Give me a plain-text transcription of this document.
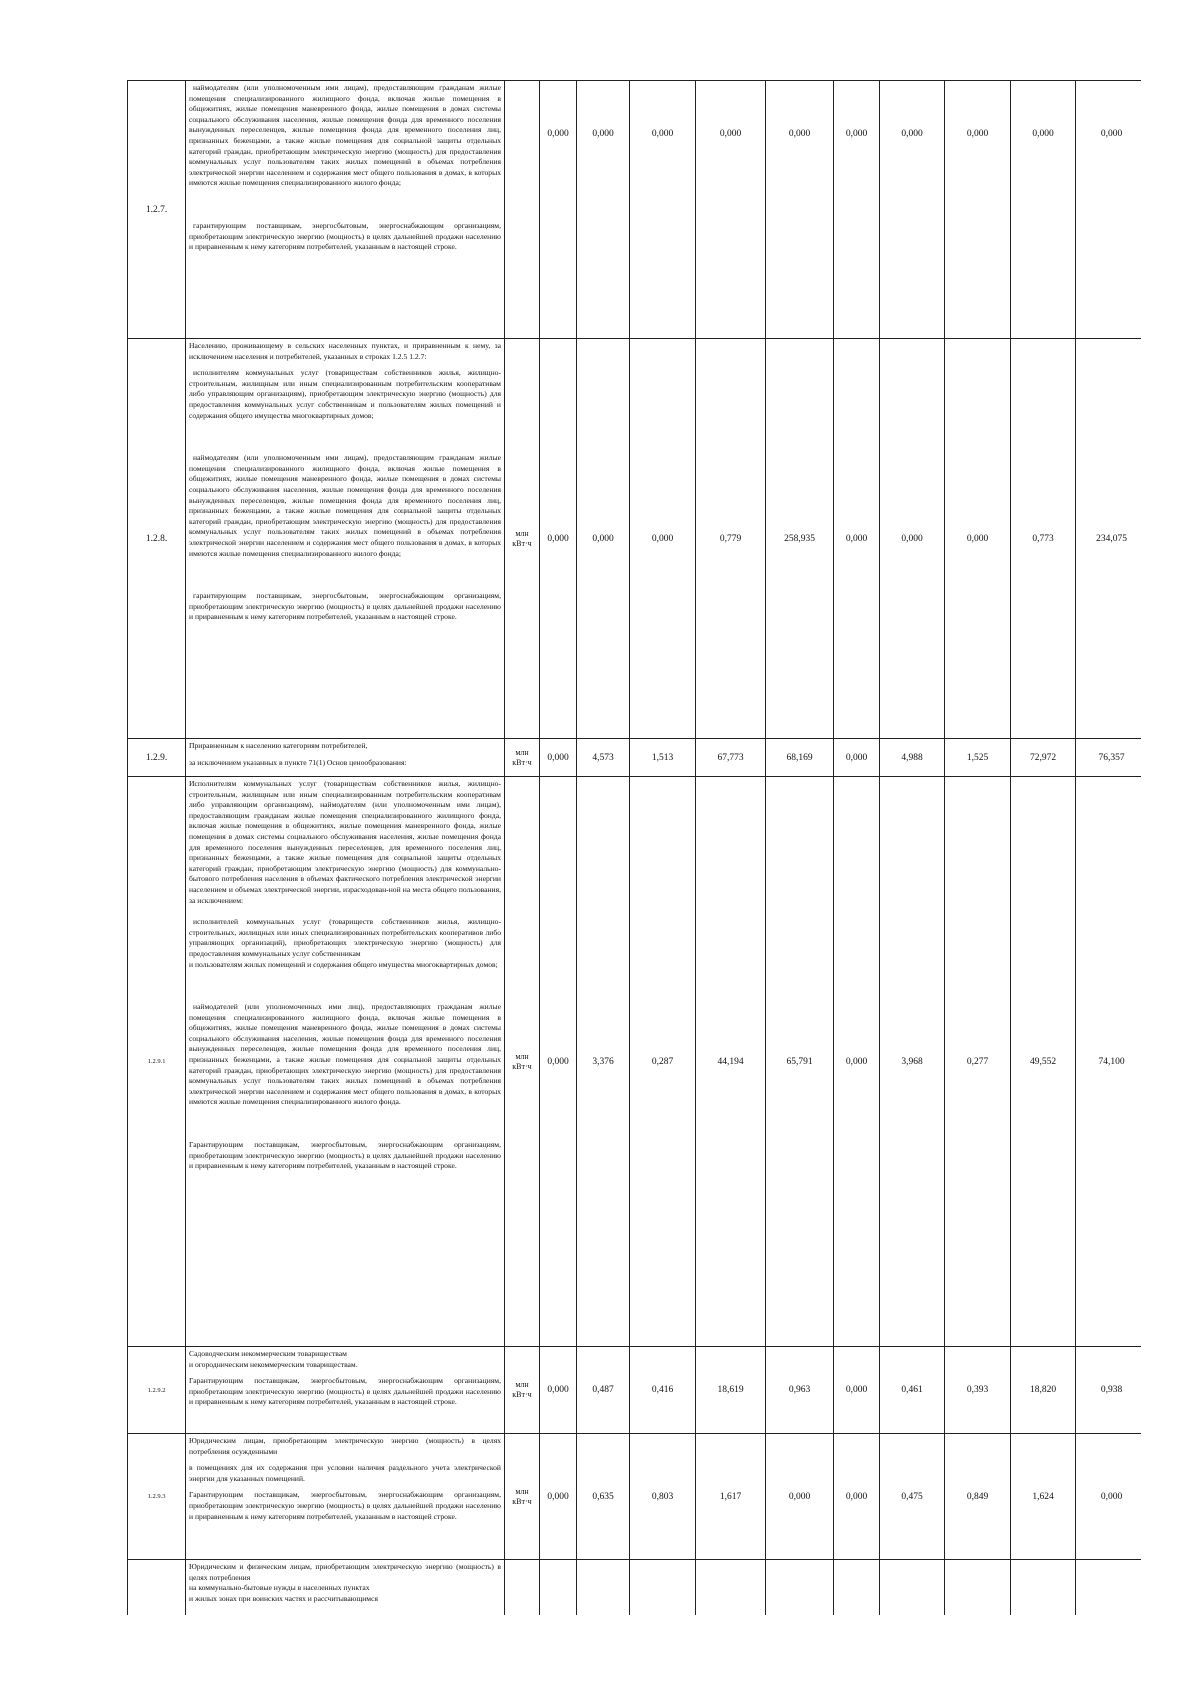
1.2.7.	наймодателям (или уполномоченным ими лицам), предоставляющим гражданам жилые помещения специализированного жилищного фонда, включая жилые помещения в общежитиях, жилые помещения маневренного фонда, жилые помещения в домах системы социального обслуживания населения, жилые помещения фонда для временного поселения вынужденных переселенцев, жилые помещения фонда для временного поселения лиц, признанных беженцами, а также жилые помещения для социальной защиты отдельных категорий граждан, приобретающим электрическую энергию (мощность) для предоставления коммунальных услуг пользователям таких жилых помещений в объемах потребления электрической энергии населением и содержания мест общего пользования в домах, в которых имеются жилые помещения специализированного жилого фонда;

гарантирующим поставщикам, энергосбытовым, энергоснабжающим организациям, приобретающим электрическую энергию (мощность) в целях дальнейшей продажи населению и приравненным к нему категориям потребителей, указанным в настоящей строке.		0,000	0,000	0,000	0,000	0,000	0,000	0,000	0,000	0,000	0,000
1.2.8.	Населению, проживающему в сельских населенных пунктах, и приравненным к нему, за исключением населения и потребителей, указанных в строках 1.2.5 1.2.7:

исполнителям коммунальных услуг (товариществам собственников жилья, жилищно-строительным, жилищным или иным специализированным потребительским кооперативам либо управляющим организациям), приобретающим электрическую энергию (мощность) для предоставления коммунальных услуг собственникам и пользователям жилых помещений и содержания общего имущества многоквартирных домов;

наймодателям (или уполномоченным ими лицам), предоставляющим гражданам жилые помещения специализированного жилищного фонда, включая жилые помещения в общежитиях, жилые помещения маневренного фонда, жилые помещения в домах системы социального обслуживания населения, жилые помещения фонда для временного поселения вынужденных переселенцев, жилые помещения фонда для временного поселения лиц, признанных беженцами, а также жилые помещения для социальной защиты отдельных категорий граждан, приобретающим электрическую энергию (мощность) для предоставления коммунальных услуг пользователям таких жилых помещений в объемах потребления электрической энергии населением и содержания мест общего пользования в домах, в которых имеются жилые помещения специализированного жилого фонда;

гарантирующим поставщикам, энергосбытовым, энергоснабжающим организациям, приобретающим электрическую энергию (мощность) в целях дальнейшей продажи населению и приравненным к нему категориям потребителей, указанным в настоящей строке.	млн кВт·ч	0,000	0,000	0,000	0,779	258,935	0,000	0,000	0,000	0,773	234,075
1.2.9.	Приравненным к населению категориям потребителей,

за исключением указанных в пункте 71(1) Основ ценообразования:	млн кВт·ч	0,000	4,573	1,513	67,773	68,169	0,000	4,988	1,525	72,972	76,357
1.2.9.1	Исполнителям коммунальных услуг (товариществам собственников жилья, жилищно-строительным, жилищным или иным специализированным потребительским кооперативам либо управляющим организациям), наймодателям (или уполномоченным ими лицам), предоставляющим гражданам жилые помещения специализированного жилищного фонда, включая жилые помещения в общежитиях, жилые помещения маневренного фонда, жилые помещения в домах системы социального обслуживания населения, жилые помещения фонда для временного поселения вынужденных переселенцев, для временного поселения лиц, признанных беженцами, а также жилые помещения для социальной защиты отдельных категорий граждан, приобретающим электрическую энергию (мощность) для коммунально-бытового потребления населения в объемах фактического потребления электрической энергии населением и объемах электрической энергии, израсходован-ной на места общего пользования, за исключением:

исполнителей коммунальных услуг (товариществ собственников жилья, жилищно-строительных, жилищных или иных специализированных потребительских кооперативов либо управляющих организаций), приобретающих электрическую энергию (мощность) для предоставления коммунальных услуг собственникам

и пользователям жилых помещений и содержания общего имущества многоквартирных домов;

наймодателей (или уполномоченных ими лиц), предоставляющих гражданам жилые помещения специализированного жилищного фонда, включая жилые помещения в общежитиях, жилые помещения маневренного фонда, жилые помещения в домах системы социального обслуживания населения, жилые помещения фонда для временного поселения вынужденных переселенцев, жилые помещения фонда для временного поселения лиц, признанных беженцами, а также жилые помещения для социальной защиты отдельных категорий граждан, приобретающих электрическую энергию (мощность) для предоставления коммунальных услуг пользователям таких жилых помещений в объемах потребления электрической энергии населением и содержания мест общего пользования в домах, в которых имеются жилые помещения специализированного жилого фонда.

Гарантирующим поставщикам, энергосбытовым, энергоснабжающим организациям, приобретающим электрическую энергию (мощность) в целях дальнейшей продажи населению и приравненным к нему категориям потребителей, указанным в настоящей строке.	млн кВт·ч	0,000	3,376	0,287	44,194	65,791	0,000	3,968	0,277	49,552	74,100
1.2.9.2	Садоводческим некоммерческим товариществам

и огородническим некоммерческим товариществам.

Гарантирующим поставщикам, энергосбытовым, энергоснабжающим организациям, приобретающим электрическую энергию (мощность) в целях дальнейшей продажи населению и приравненным к нему категориям потребителей, указанным в настоящей строке.	млн кВт·ч	0,000	0,487	0,416	18,619	0,963	0,000	0,461	0,393	18,820	0,938
1.2.9.3	Юридическим лицам, приобретающим электрическую энергию (мощность) в целях потребления осужденными

в помещениях для их содержания при условии наличия раздельного учета электрической энергии для указанных помещений.

Гарантирующим поставщикам, энергосбытовым, энергоснабжающим организациям, приобретающим электрическую энергию (мощность) в целях дальнейшей продажи населению и приравненным к нему категориям потребителей, указанным в настоящей строке.	млн кВт·ч	0,000	0,635	0,803	1,617	0,000	0,000	0,475	0,849	1,624	0,000

	Юридическим и физическим лицам, приобретающим электрическую энергию (мощность) в целях потребления

на коммунально-бытовые нужды в населенных пунктах

и жилых зонах при воинских частях и рассчитывающимся											
